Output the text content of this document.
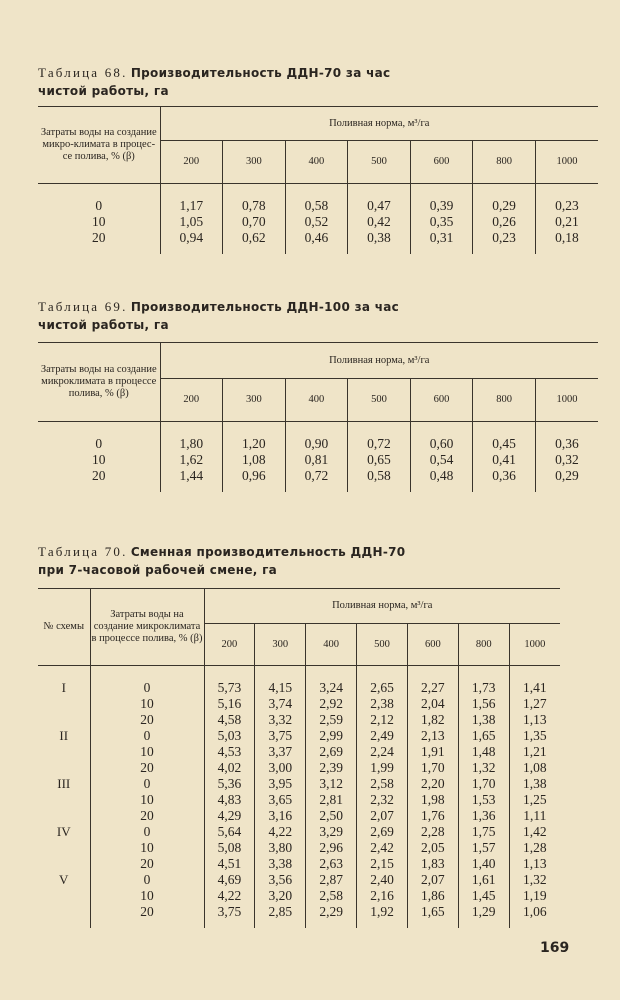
Таблица 68. Производительность ДДН-70 за час
чистой работы, га

Затраты воды на создание микро-климата в процес-се полива, % (β)	Поливная норма, м³/га						
	200	300	400	500	600	800	1000
0	1,17	0,78	0,58	0,47	0,39	0,29	0,23
10	1,05	0,70	0,52	0,42	0,35	0,26	0,21
20	0,94	0,62	0,46	0,38	0,31	0,23	0,18

Таблица 69. Производительность ДДН-100 за час
чистой работы, га

Затраты воды на создание микроклимата в процессе полива, % (β)	Поливная норма, м³/га						
	200	300	400	500	600	800	1000
0	1,80	1,20	0,90	0,72	0,60	0,45	0,36
10	1,62	1,08	0,81	0,65	0,54	0,41	0,32
20	1,44	0,96	0,72	0,58	0,48	0,36	0,29

Таблица 70. Сменная производительность ДДН-70
при 7-часовой рабочей смене, га

№ схемы	Затраты воды на создание микроклимата в процессе полива, % (β)	Поливная норма, м³/га						
		200	300	400	500	600	800	1000
I	0	5,73	4,15	3,24	2,65	2,27	1,73	1,41
	10	5,16	3,74	2,92	2,38	2,04	1,56	1,27
	20	4,58	3,32	2,59	2,12	1,82	1,38	1,13
II	0	5,03	3,75	2,99	2,49	2,13	1,65	1,35
	10	4,53	3,37	2,69	2,24	1,91	1,48	1,21
	20	4,02	3,00	2,39	1,99	1,70	1,32	1,08
III	0	5,36	3,95	3,12	2,58	2,20	1,70	1,38
	10	4,83	3,65	2,81	2,32	1,98	1,53	1,25
	20	4,29	3,16	2,50	2,07	1,76	1,36	1,11
IV	0	5,64	4,22	3,29	2,69	2,28	1,75	1,42
	10	5,08	3,80	2,96	2,42	2,05	1,57	1,28
	20	4,51	3,38	2,63	2,15	1,83	1,40	1,13
V	0	4,69	3,56	2,87	2,40	2,07	1,61	1,32
	10	4,22	3,20	2,58	2,16	1,86	1,45	1,19
	20	3,75	2,85	2,29	1,92	1,65	1,29	1,06
169
